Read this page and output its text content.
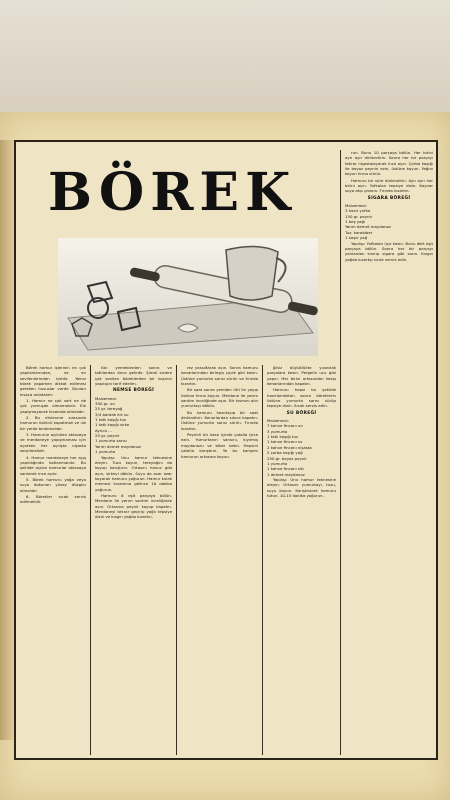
BÖREK

Börek hamur işlerinin en çok yapılanlarından, ve en sevilenlerinden biridir. Yalnız börek yaparken dikkat edilmesi gereken hususlar vardır. Bunları kısaca anlatalım:

1. Hamur ne çok sert ne de çok yumuşak olmamalıdır. Ele yapışmayacak kıvamda olmalıdır.

2. Bu dinlenme sırasında hamurun üstünü kapatmalı ve ılık bir yerde bırakmalıdır.

3. Hamurun açılırken oklavaya ve merdaneye yapışmaması için açarken her açılışta nişasta serpilmelidir.

4. Hamur merdaneye her açış yapıldığında katlanmalıdır. Bu şekilde açılan hamurlar oklavaya sarılarak ince açılır.

5. Börek hamuru yağa veya suya dokunan yüzey düzgün olmalıdır.

6. Börekler sıcak servis edilmelidir.

tün yemeklerden sonra ve tatlılardan önce gelirdir. Şimdi sizlere çok sevilen böreklerden bir kaçının yapılışını tarif edelim.

NEMSE BÖREĞİ
Malzemesi:
350 gr. un
25 gr. tereyağ
3/4 bardak ılık su
1 tatlı kaşığı tuz
1 tatlı kaşığı sirke
Ayrıca ...
25 gr. peynir
1 yumurta sarısı
Yarım demet maydanoz
1 yumurta

Yapılışı: Unu hamur teknesine eleyin. Tuzu koyun, tereyağını da koyup karıştırın. Ortasını havuz gibi açın, sirkeyi dökün. Suyu da azar azar koyarak hamuru yoğurun. Hamur kulak memesi kıvamına gelince 10 dakika yoğurun.

Hamuru 6 eşit parçaya bölün. Merdane ile yarım santim inceliğinde açın. Ortasına peynir koyup kapatın. Merdaneyi tekrar geçirip yağlı tepsiye dizin ve kızgın yağda kızartın.

rez yassıltarak açın. Sonra hamuru kenarlarından birleşip çiçek gibi kesin. Üstüne yumurta sarısı sürün ve fırında kızartın.

Bir saat sonra yeniden ütü ile yayıp üstüne fırına koyun. Merdane ile yarım santim inceliğinde açın. Bir kısmını alın yumurtayı dökün.

Bu hamuru hazırlayıp bir saat dinlendirin. Kenarlardan sıkıca kapatın. Üstüne yumurta sarısı sürün. Fırında kızartın.

Peynirli bir kase içinde çatalla iyice ezin. Yumurtanın sarısını, kıyılmış maydanozu ve biber katın. Hepsini çatalla karıştırın. Ya bu karışımı hamurun ortasına koyun.

ğiniz büyüklükte yuvarlak parçalara kesin. Pergelin ucu gibi yapın. Her birini ortasından kesip kenarlarından kapatın.

Hamuru hepsi bu şekilde hazırlandıktan sonra böreklerin üstüne yumurta sarısı sürüp tepsiye dizin. Sıcak servis edin.

SU BÖREĞİ
Malzemesi:
7 kahve fincanı un
3 yumurta
1 tatlı kaşığı tuz
1 kahve fincanı su
2 kahve fincanı nişasta
2 çorba kaşığı yağ
250 gr. beyaz peynir
1 yumurta
1 kahve fincanı süt
1 demet maydanoz

Yapılışı: Unu hamur teknesine eleyin. Ortasını yumurtayı, tuzu, suyu koyun. Karıştırarak hamuru tutun. 10-15 dakika yoğurun.

run. Bunu 10 parçaya bölün. Her birini ayrı ayrı dinlendirin. Sonra her bir parçayı tekrar nişastalayarak ince açın. Çorba kaşığı ile beyaz peyniri ezin, üstüne koyun. Yağını koyun fırına sürün.

Hamuru bir süre dinlendirin. Ayrı ayrı her birini açın. Yufkaları tepsiye dizin. Kaynar suya atıp çıkarın. Fırında kızartın.

SIGARA BÖREĞİ
Malzemesi:
3 hazır yufka
150 gr. peynir
1 beş yağı
Yarım demet maydanoz
Tuz, karabiber
1 kaşık yağ

Yapılışı: Yufkaları üçe kesin. Bunu dört eşit parçaya bölün. Sonra her bir parçayı yanlardan kıvırıp sigara gibi sarın. Kızgın yağda kızartıp sıcak servis edin.
